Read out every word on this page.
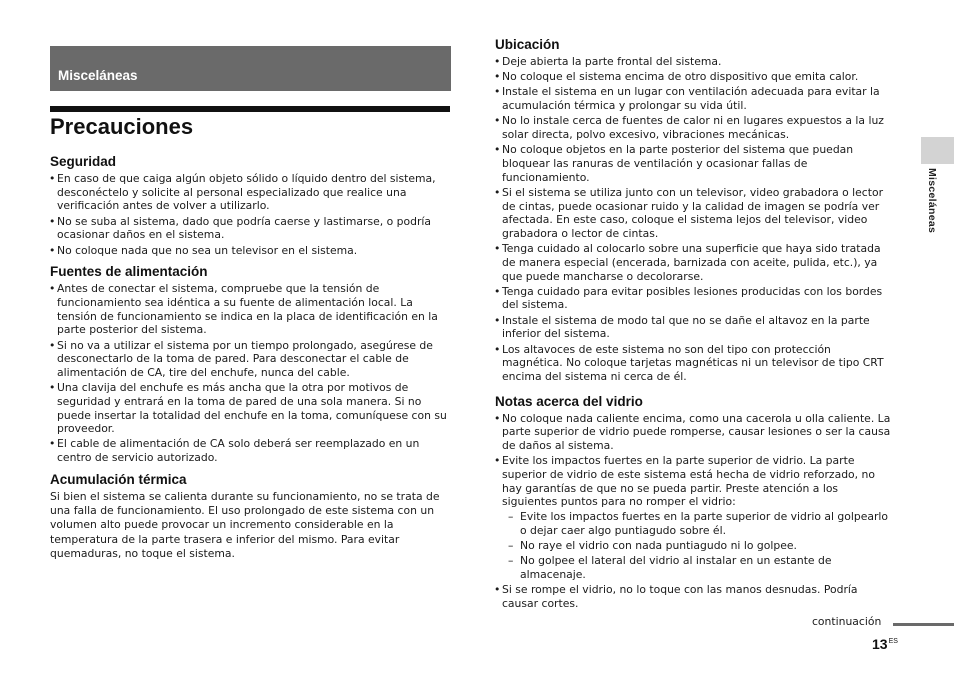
Misceláneas
Precauciones
Seguridad
• En caso de que caiga algún objeto sólido o líquido dentro del sistema, desconéctelo y solicite al personal especializado que realice una verificación antes de volver a utilizarlo.
• No se suba al sistema, dado que podría caerse y lastimarse, o podría ocasionar daños en el sistema.
• No coloque nada que no sea un televisor en el sistema.
Fuentes de alimentación
• Antes de conectar el sistema, compruebe que la tensión de funcionamiento sea idéntica a su fuente de alimentación local. La tensión de funcionamiento se indica en la placa de identificación en la parte posterior del sistema.
• Si no va a utilizar el sistema por un tiempo prolongado, asegúrese de desconectarlo de la toma de pared. Para desconectar el cable de alimentación de CA, tire del enchufe, nunca del cable.
• Una clavija del enchufe es más ancha que la otra por motivos de seguridad y entrará en la toma de pared de una sola manera. Si no puede insertar la totalidad del enchufe en la toma, comuníquese con su proveedor.
• El cable de alimentación de CA solo deberá ser reemplazado en un centro de servicio autorizado.
Acumulación térmica

Si bien el sistema se calienta durante su funcionamiento, no se trata de una falla de funcionamiento. El uso prolongado de este sistema con un volumen alto puede provocar un incremento considerable en la temperatura de la parte trasera e inferior del mismo. Para evitar quemaduras, no toque el sistema.

Ubicación
• Deje abierta la parte frontal del sistema.
• No coloque el sistema encima de otro dispositivo que emita calor.
• Instale el sistema en un lugar con ventilación adecuada para evitar la acumulación térmica y prolongar su vida útil.
• No lo instale cerca de fuentes de calor ni en lugares expuestos a la luz solar directa, polvo excesivo, vibraciones mecánicas.
• No coloque objetos en la parte posterior del sistema que puedan bloquear las ranuras de ventilación y ocasionar fallas de funcionamiento.
• Si el sistema se utiliza junto con un televisor, video grabadora o lector de cintas, puede ocasionar ruido y la calidad de imagen se podría ver afectada. En este caso, coloque el sistema lejos del televisor, video grabadora o lector de cintas.
• Tenga cuidado al colocarlo sobre una superficie que haya sido tratada de manera especial (encerada, barnizada con aceite, pulida, etc.), ya que puede mancharse o decolorarse.
• Tenga cuidado para evitar posibles lesiones producidas con los bordes del sistema.
• Instale el sistema de modo tal que no se dañe el altavoz en la parte inferior del sistema.
• Los altavoces de este sistema no son del tipo con protección magnética. No coloque tarjetas magnéticas ni un televisor de tipo CRT encima del sistema ni cerca de él.
Notas acerca del vidrio
• No coloque nada caliente encima, como una cacerola u olla caliente. La parte superior de vidrio puede romperse, causar lesiones o ser la causa de daños al sistema.
• Evite los impactos fuertes en la parte superior de vidrio. La parte superior de vidrio de este sistema está hecha de vidrio reforzado, no hay garantías de que no se pueda partir. Preste atención a los siguientes puntos para no romper el vidrio:
– Evite los impactos fuertes en la parte superior de vidrio al golpearlo o dejar caer algo puntiagudo sobre él.
– No raye el vidrio con nada puntiagudo ni lo golpee.
– No golpee el lateral del vidrio al instalar en un estante de almacenaje.
• Si se rompe el vidrio, no lo toque con las manos desnudas. Podría causar cortes.
Misceláneas
continuación
$13^{ES}$
